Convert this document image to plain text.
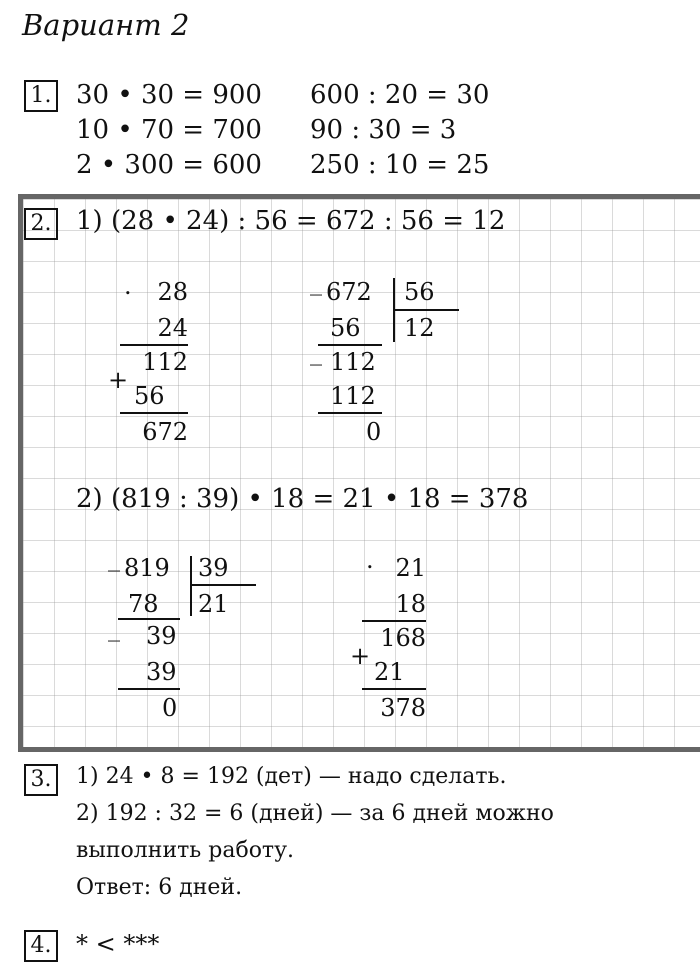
Вариант 2
1. 30 • 30 = 900
10 • 70 = 700
2 • 300 = 600
600 : 20 = 30
90 : 30 = 3
250 : 10 = 25
2. 1) (28 • 24) : 56 = 672 : 56 = 12
.	28
24
112
+
56
672
_ 672 56
56 12
_ 112
112
0
2) (819 : 39) • 18 = 21 • 18 = 378
_ 819 39
78 21
_ 39
39
0
. 21
18
168
+
21
378
3. 1) 24 • 8 = 192 (дет) — надо сделать.
2) 192 : 32 = 6 (дней) — за 6 дней можно
выполнить работу.
Ответ: 6 дней.
4. * < ***
